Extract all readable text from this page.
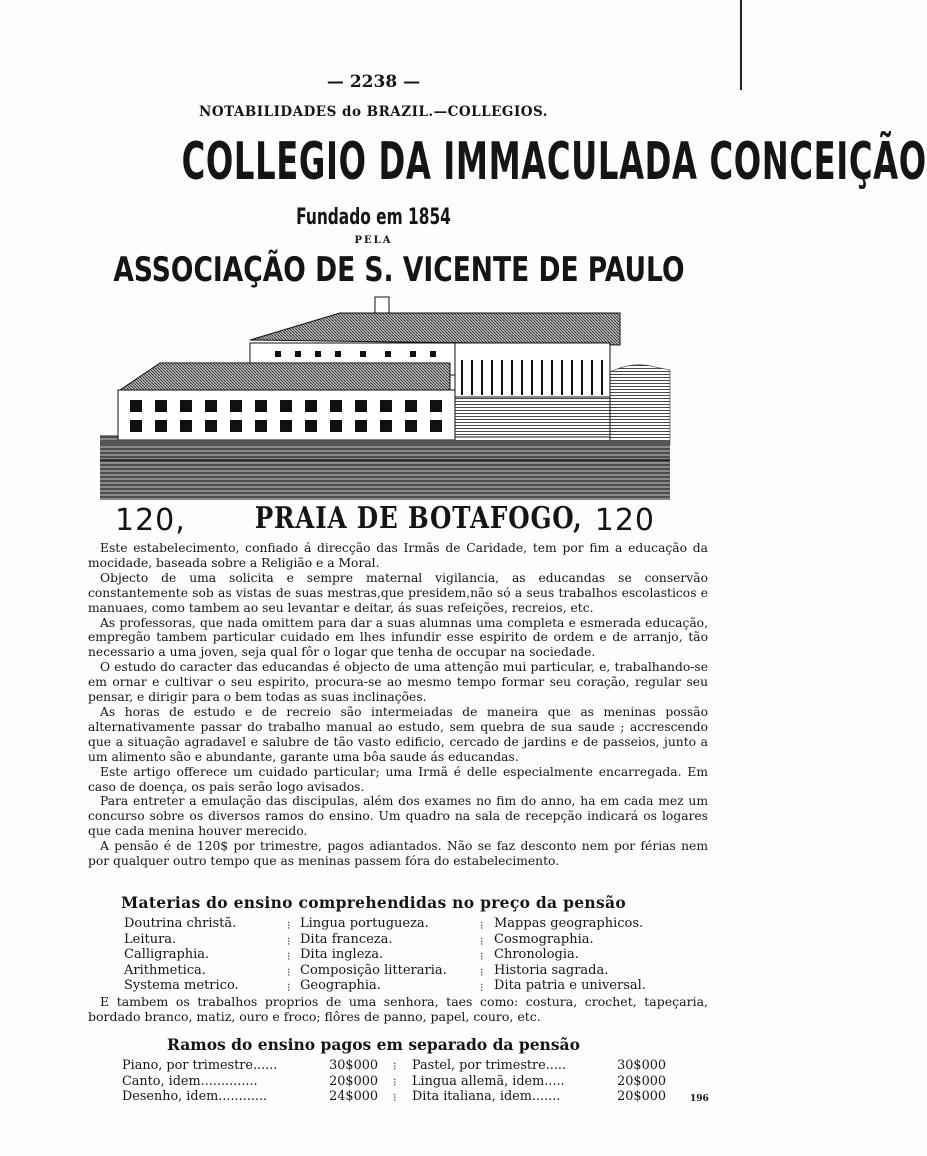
— 2238 —
NOTABILIDADES do BRAZIL.—COLLEGIOS.
COLLEGIO DA IMMACULADA CONCEIÇÃO
Fundado em 1854
PELA
ASSOCIAÇÃO DE S. VICENTE DE PAULO
120, PRAIA DE BOTAFOGO, 120

Este estabelecimento, confiado á direcção das Irmãs de Caridade, tem por fim a educação da mocidade, baseada sobre a Religião e a Moral.

Objecto de uma solicita e sempre maternal vigilancia, as educandas se conservão constantemente sob as vistas de suas mestras,que presidem,não só a seus trabalhos escolasticos e manuaes, como tambem ao seu levantar e deitar, ás suas refeições, recreios, etc.

As professoras, que nada omittem para dar a suas alumnas uma completa e esmerada educação, empregão tambem particular cuidado em lhes infundir esse espirito de ordem e de arranjo, tão necessario a uma joven, seja qual fôr o logar que tenha de occupar na sociedade.

O estudo do caracter das educandas é objecto de uma attenção mui particular, e, trabalhando-se em ornar e cultivar o seu espirito, procura-se ao mesmo tempo formar seu coração, regular seu pensar, e dirigir para o bem todas as suas inclinações.

As horas de estudo e de recreio são intermeiadas de maneira que as meninas possão alternativamente passar do trabalho manual ao estudo, sem quebra de sua saude ; accrescendo que a situação agradavel e salubre de tão vasto edificio, cercado de jardins e de passeios, junto a um alimento são e abundante, garante uma bôa saude ás educandas.

Este artigo offerece um cuidado particular; uma Irmã é delle especialmente encarregada. Em caso de doença, os pais serão logo avisados.

Para entreter a emulação das discipulas, além dos exames no fim do anno, ha em cada mez um concurso sobre os diversos ramos do ensino. Um quadro na sala de recepção indicará os logares que cada menina houver merecido.

A pensão é de 120$ por trimestre, pagos adiantados. Não se faz desconto nem por férias nem por qualquer outro tempo que as meninas passem fóra do estabelecimento.

Materias do ensino comprehendidas no preço da pensão
Doutrina christã.
Leitura.
Calligraphia.
Arithmetica.
Systema metrico.
⁝
⁝
⁝
⁝
⁝
Lingua portugueza.
Dita franceza.
Dita ingleza.
Composição litteraria.
Geographia.
⁝
⁝
⁝
⁝
⁝
Mappas geographicos.
Cosmographia.
Chronologia.
Historia sagrada.
Dita patria e universal.
E tambem os trabalhos proprios de uma senhora, taes como: costura, crochet, tapeçaria, bordado branco, matiz, ouro e froco; flôres de panno, papel, couro, etc.
Ramos do ensino pagos em separado da pensão
Piano, por trimestre......
Canto, idem..............
Desenho, idem............
30$000
20$000
24$000
⁝
⁝
⁝
Pastel, por trimestre.....
Lingua allemã, idem.....
Dita italiana, idem.......
30$000
20$000
20$000	196
